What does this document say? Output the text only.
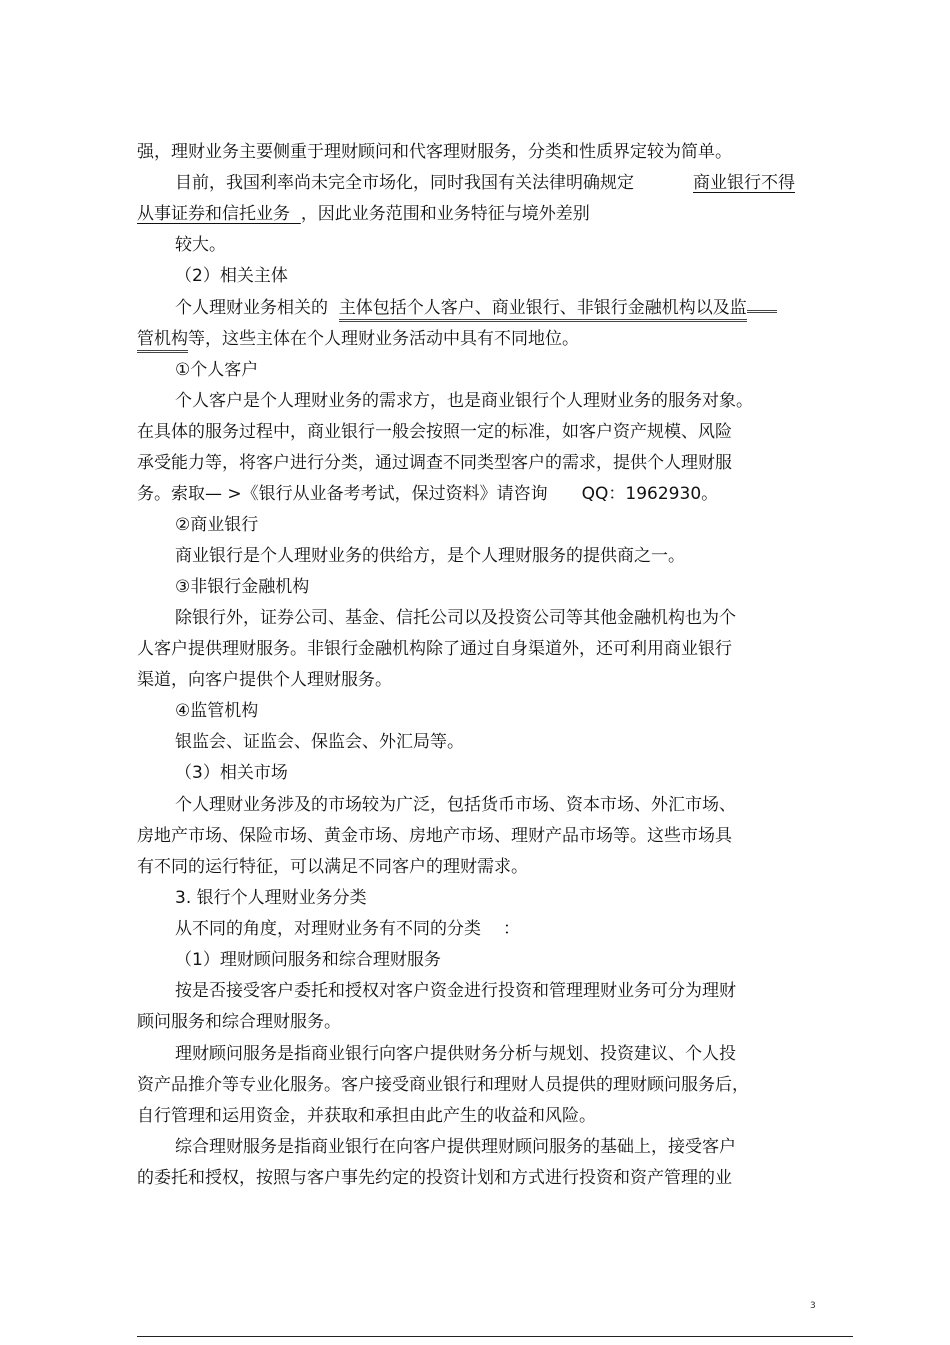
强，理财业务主要侧重于理财顾问和代客理财服务，分类和性质界定较为简单。
目前，我国利率尚未完全市场化，同时我国有关法律明确规定	商业银行不得
从事证券和信托业务 ，因此业务范围和业务特征与境外差别
较大。
（2）相关主体
个人理财业务相关的 主体包括个人客户、商业银行、非银行金融机构以及监
管机构等，这些主体在个人理财业务活动中具有不同地位。
①个人客户
个人客户是个人理财业务的需求方，也是商业银行个人理财业务的服务对象。
在具体的服务过程中，商业银行一般会按照一定的标准，如客户资产规模、风险
承受能力等，将客户进行分类，通过调查不同类型客户的需求，提供个人理财服
务。索取— >《银行从业备考考试，保过资料》请咨询 QQ：1962930。
②商业银行
商业银行是个人理财业务的供给方，是个人理财服务的提供商之一。
③非银行金融机构
除银行外，证券公司、基金、信托公司以及投资公司等其他金融机构也为个
人客户提供理财服务。非银行金融机构除了通过自身渠道外，还可利用商业银行
渠道，向客户提供个人理财服务。
④监管机构
银监会、证监会、保监会、外汇局等。
（3）相关市场
个人理财业务涉及的市场较为广泛，包括货币市场、资本市场、外汇市场、
房地产市场、保险市场、黄金市场、房地产市场、理财产品市场等。这些市场具
有不同的运行特征，可以满足不同客户的理财需求。
3. 银行个人理财业务分类
从不同的角度，对理财业务有不同的分类 ：
（1）理财顾问服务和综合理财服务
按是否接受客户委托和授权对客户资金进行投资和管理理财业务可分为理财
顾问服务和综合理财服务。
理财顾问服务是指商业银行向客户提供财务分析与规划、投资建议、个人投
资产品推介等专业化服务。客户接受商业银行和理财人员提供的理财顾问服务后，
自行管理和运用资金，并获取和承担由此产生的收益和风险。
综合理财服务是指商业银行在向客户提供理财顾问服务的基础上，接受客户
的委托和授权，按照与客户事先约定的投资计划和方式进行投资和资产管理的业
3
